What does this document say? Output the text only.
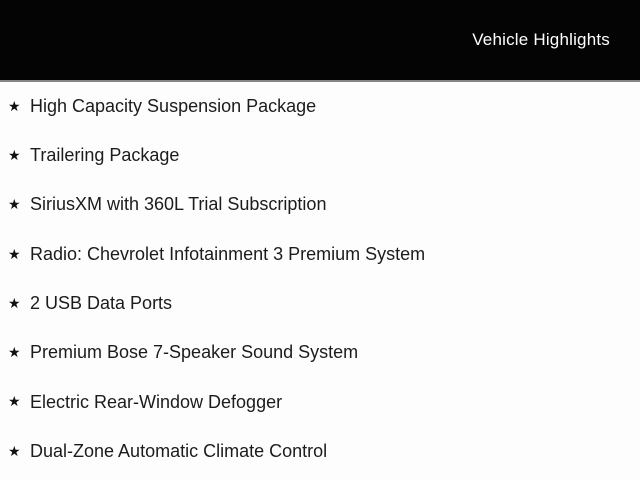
Vehicle Highlights
★ High Capacity Suspension Package
★ Trailering Package
★ SiriusXM with 360L Trial Subscription
★ Radio: Chevrolet Infotainment 3 Premium System
★ 2 USB Data Ports
★ Premium Bose 7-Speaker Sound System
★ Electric Rear-Window Defogger
★ Dual-Zone Automatic Climate Control
